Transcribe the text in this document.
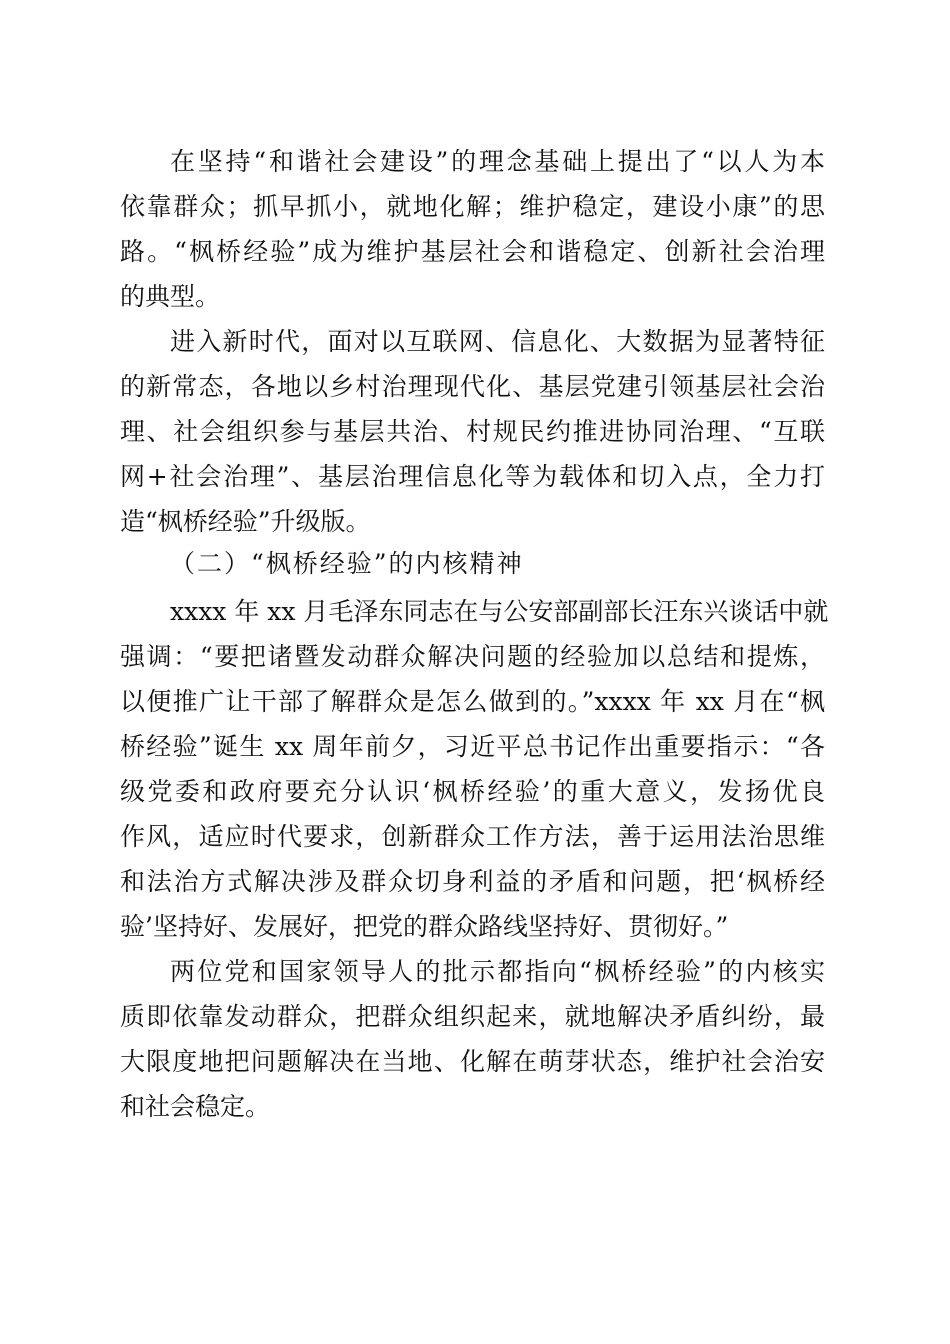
在坚持“和谐社会建设”的理念基础上提出了“以人为本
依靠群众；抓早抓小，就地化解；维护稳定，建设小康”的思
路。“枫桥经验”成为维护基层社会和谐稳定、创新社会治理
的典型。
进入新时代，面对以互联网、信息化、大数据为显著特征
的新常态，各地以乡村治理现代化、基层党建引领基层社会治
理、社会组织参与基层共治、村规民约推进协同治理、“互联
网+社会治理”、基层治理信息化等为载体和切入点，全力打
造“枫桥经验”升级版。
（二）“枫桥经验”的内核精神
xxxx 年 xx 月毛泽东同志在与公安部副部长汪东兴谈话中就
强调：“要把诸暨发动群众解决问题的经验加以总结和提炼，
以便推广让干部了解群众是怎么做到的。”xxxx 年 xx 月在“枫
桥经验”诞生 xx 周年前夕，习近平总书记作出重要指示：“各
级党委和政府要充分认识‘枫桥经验’的重大意义，发扬优良
作风，适应时代要求，创新群众工作方法，善于运用法治思维
和法治方式解决涉及群众切身利益的矛盾和问题，把‘枫桥经
验’坚持好、发展好，把党的群众路线坚持好、贯彻好。”
两位党和国家领导人的批示都指向“枫桥经验”的内核实
质即依靠发动群众，把群众组织起来，就地解决矛盾纠纷，最
大限度地把问题解决在当地、化解在萌芽状态，维护社会治安
和社会稳定。
